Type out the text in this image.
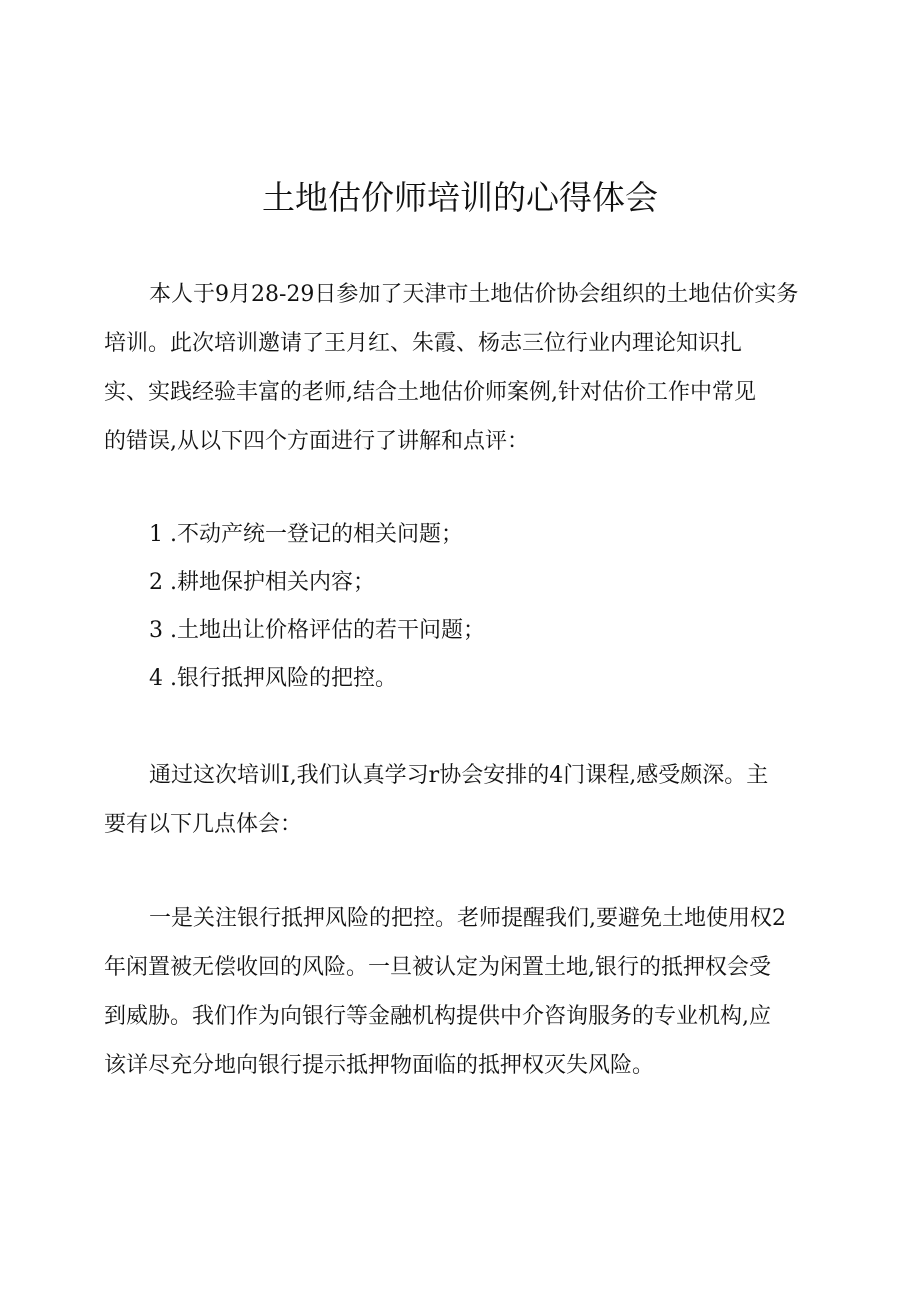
土地估价师培训的心得体会

本人于9月28-29日参加了天津市土地估价协会组织的土地估价实务

培训。此次培训邀请了王月红、朱霞、杨志三位行业内理论知识扎

实、实践经验丰富的老师,结合土地估价师案例,针对估价工作中常见

的错误,从以下四个方面进行了讲解和点评：

1 .不动产统一登记的相关问题；
2 .耕地保护相关内容；
3 .土地出让价格评估的若干问题；
4 .银行抵押风险的把控。

通过这次培训I,我们认真学习r协会安排的4门课程,感受颇深。主

要有以下几点体会：

一是关注银行抵押风险的把控。老师提醒我们,要避免土地使用权2

年闲置被无偿收回的风险。一旦被认定为闲置土地,银行的抵押权会受

到威胁。我们作为向银行等金融机构提供中介咨询服务的专业机构,应

该详尽充分地向银行提示抵押物面临的抵押权灭失风险。
